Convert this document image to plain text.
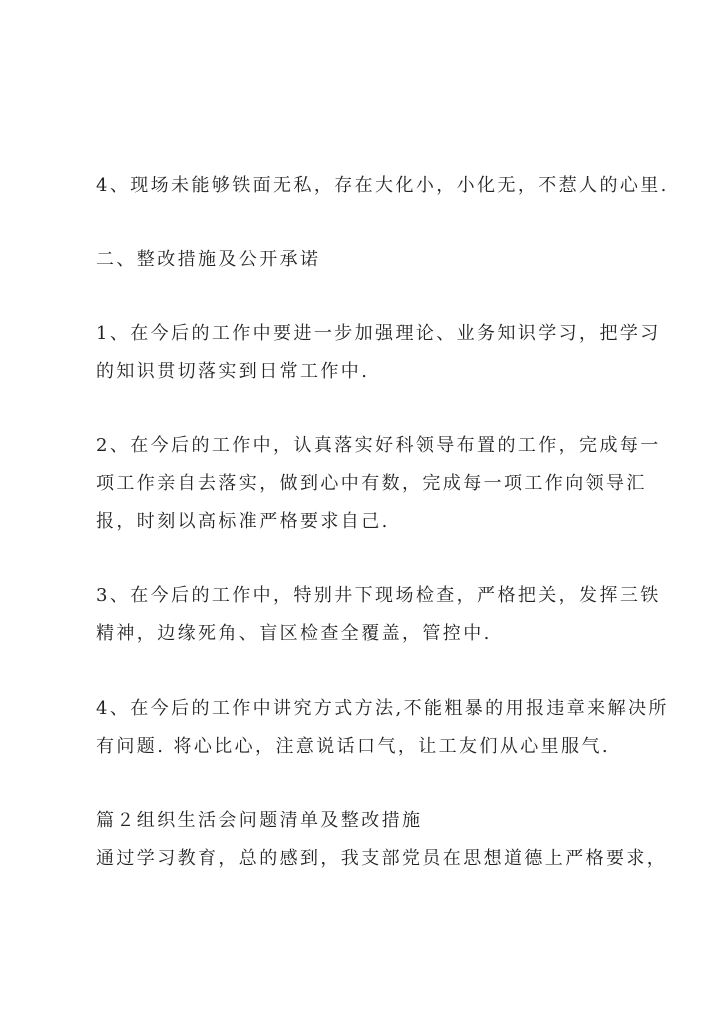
4、现场未能够铁面无私，存在大化小，小化无，不惹人的心里.
二、整改措施及公开承诺
1、在今后的工作中要进一步加强理论、业务知识学习，把学习
的知识贯切落实到日常工作中.
2、在今后的工作中，认真落实好科领导布置的工作，完成每一
项工作亲自去落实，做到心中有数，完成每一项工作向领导汇
报，时刻以高标准严格要求自己.
3、在今后的工作中，特别井下现场检查，严格把关，发挥三铁
精神，边缘死角、盲区检查全覆盖，管控中.
4、在今后的工作中讲究方式方法,不能粗暴的用报违章来解决所
有问题. 将心比心，注意说话口气，让工友们从心里服气.
篇２组织生活会问题清单及整改措施
通过学习教育，总的感到，我支部党员在思想道德上严格要求，
